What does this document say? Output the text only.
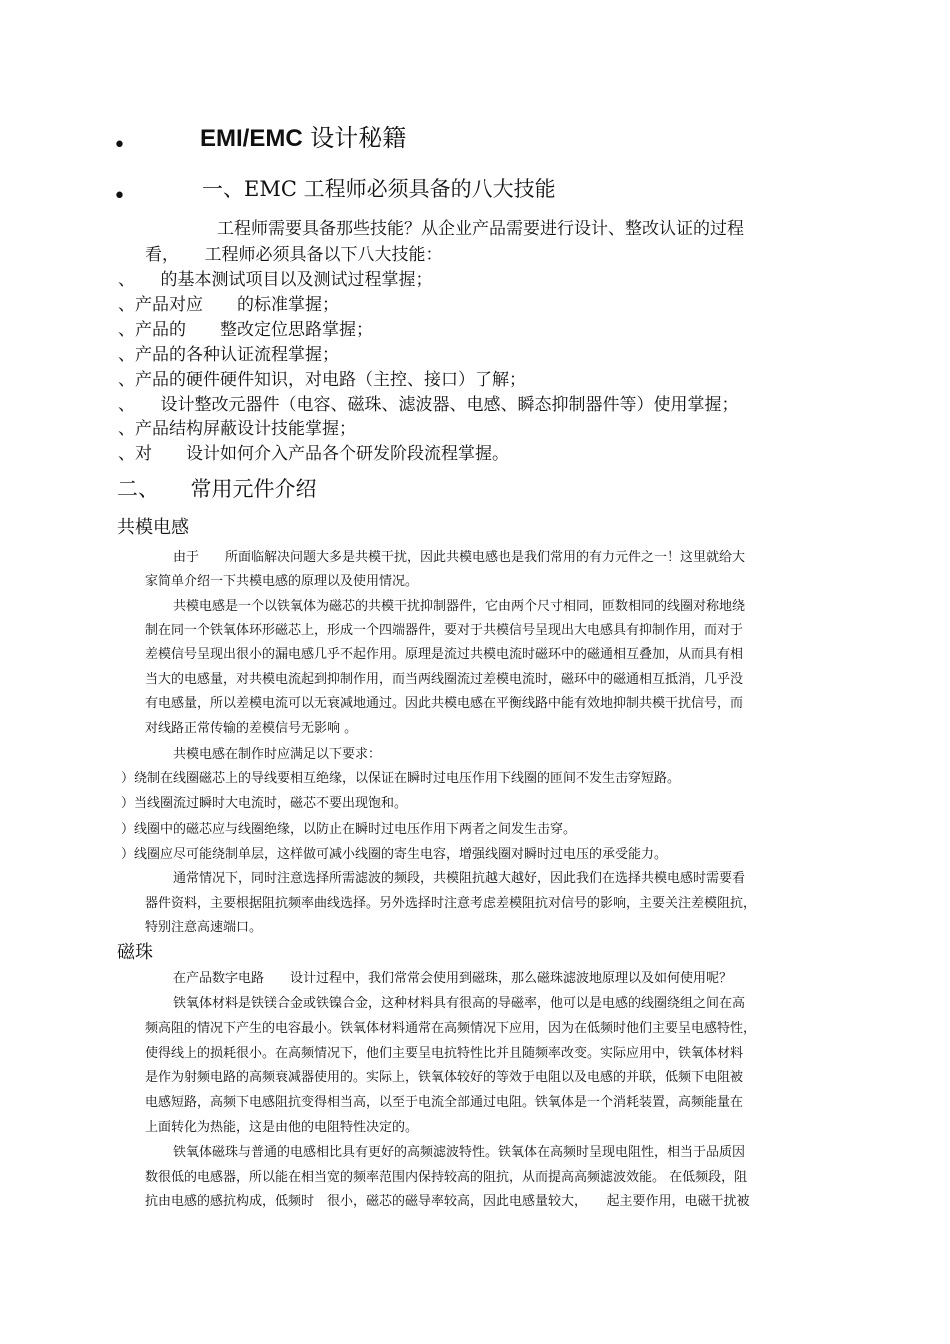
•
•
EMI/EMC 设计秘籍
一、EMC 工程师必须具备的八大技能
工程师需要具备那些技能？从企业产品需要进行设计、整改认证的过程
看，　　工程师必须具备以下八大技能：
、　　的基本测试项目以及测试过程掌握；
、产品对应　　的标准掌握；
、产品的　　整改定位思路掌握；
、产品的各种认证流程掌握；
、产品的硬件硬件知识，对电路（主控、接口）了解；
、　　设计整改元器件（电容、磁珠、滤波器、电感、瞬态抑制器件等）使用掌握；
、产品结构屏蔽设计技能掌握；
、对　　设计如何介入产品各个研发阶段流程掌握。
二、　　常用元件介绍
共模电感
由于　　所面临解决问题大多是共模干扰，因此共模电感也是我们常用的有力元件之一！这里就给大
家简单介绍一下共模电感的原理以及使用情况。
共模电感是一个以铁氧体为磁芯的共模干扰抑制器件，它由两个尺寸相同，匝数相同的线圈对称地绕
制在同一个铁氧体环形磁芯上，形成一个四端器件，要对于共模信号呈现出大电感具有抑制作用，而对于
差模信号呈现出很小的漏电感几乎不起作用。原理是流过共模电流时磁环中的磁通相互叠加，从而具有相
当大的电感量，对共模电流起到抑制作用，而当两线圈流过差模电流时，磁环中的磁通相互抵消，几乎没
有电感量，所以差模电流可以无衰减地通过。因此共模电感在平衡线路中能有效地抑制共模干扰信号，而
对线路正常传输的差模信号无影响 。
共模电感在制作时应满足以下要求：
）绕制在线圈磁芯上的导线要相互绝缘，以保证在瞬时过电压作用下线圈的匝间不发生击穿短路。
）当线圈流过瞬时大电流时，磁芯不要出现饱和。
）线圈中的磁芯应与线圈绝缘，以防止在瞬时过电压作用下两者之间发生击穿。
）线圈应尽可能绕制单层，这样做可减小线圈的寄生电容，增强线圈对瞬时过电压的承受能力。
通常情况下，同时注意选择所需滤波的频段，共模阻抗越大越好，因此我们在选择共模电感时需要看
器件资料，主要根据阻抗频率曲线选择。另外选择时注意考虑差模阻抗对信号的影响，主要关注差模阻抗，
特别注意高速端口。
磁珠
在产品数字电路　　设计过程中，我们常常会使用到磁珠，那么磁珠滤波地原理以及如何使用呢？
铁氧体材料是铁镁合金或铁镍合金，这种材料具有很高的导磁率，他可以是电感的线圈绕组之间在高
频高阻的情况下产生的电容最小。铁氧体材料通常在高频情况下应用，因为在低频时他们主要呈电感特性，
使得线上的损耗很小。在高频情况下，他们主要呈电抗特性比并且随频率改变。实际应用中，铁氧体材料
是作为射频电路的高频衰减器使用的。实际上，铁氧体较好的等效于电阻以及电感的并联，低频下电阻被
电感短路，高频下电感阻抗变得相当高，以至于电流全部通过电阻。铁氧体是一个消耗装置，高频能量在
上面转化为热能，这是由他的电阻特性决定的。
铁氧体磁珠与普通的电感相比具有更好的高频滤波特性。铁氧体在高频时呈现电阻性，相当于品质因
数很低的电感器，所以能在相当宽的频率范围内保持较高的阻抗，从而提高高频滤波效能。 在低频段，阻
抗由电感的感抗构成，低频时　很小，磁芯的磁导率较高，因此电感量较大，　　起主要作用，电磁干扰被
